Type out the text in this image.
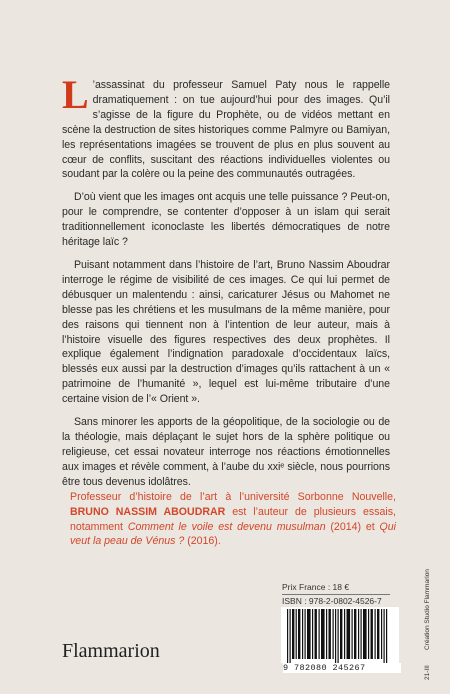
L ’assassinat du professeur Samuel Paty nous le rappelle dramatiquement : on tue aujourd’hui pour des images. Qu’il s’agisse de la figure du Prophète, ou de vidéos mettant en scène la destruction de sites historiques comme Palmyre ou Bamiyan, les représentations imagées se trouvent de plus en plus souvent au cœur de conflits, suscitant des réactions individuelles violentes ou soudant par la colère ou la peine des communautés outragées.

D’où vient que les images ont acquis une telle puissance ? Peut-on, pour le comprendre, se contenter d’opposer à un islam qui serait traditionnellement iconoclaste les libertés démocratiques de notre héritage laïc ?

Puisant notamment dans l’histoire de l’art, Bruno Nassim Aboudrar interroge le régime de visibilité de ces images. Ce qui lui permet de débusquer un malentendu : ainsi, caricaturer Jésus ou Mahomet ne blesse pas les chrétiens et les musulmans de la même manière, pour des raisons qui tiennent non à l’intention de leur auteur, mais à l’histoire visuelle des figures respectives des deux prophètes. Il explique également l’indignation paradoxale d’occidentaux laïcs, blessés eux aussi par la destruction d’images qu’ils rattachent à un « patrimoine de l’humanité », lequel est lui-même tributaire d’une certaine vision de l’« Orient ».

Sans minorer les apports de la géopolitique, de la sociologie ou de la théologie, mais déplaçant le sujet hors de la sphère politique ou religieuse, cet essai novateur interroge nos réactions émotionnelles aux images et révèle comment, à l’aube du xxiᵉ siècle, nous pourrions être tous devenus idolâtres.

Professeur d’histoire de l’art à l’université Sorbonne Nouvelle, BRUNO NASSIM ABOUDRAR est l’auteur de plusieurs essais, notamment Comment le voile est devenu musulman (2014) et Qui veut la peau de Vénus ? (2016).
Prix France : 18 €
ISBN : 978-2-0802-4526-7
9 782080 245267
Flammarion
Création Studio Flammarion
21-III
